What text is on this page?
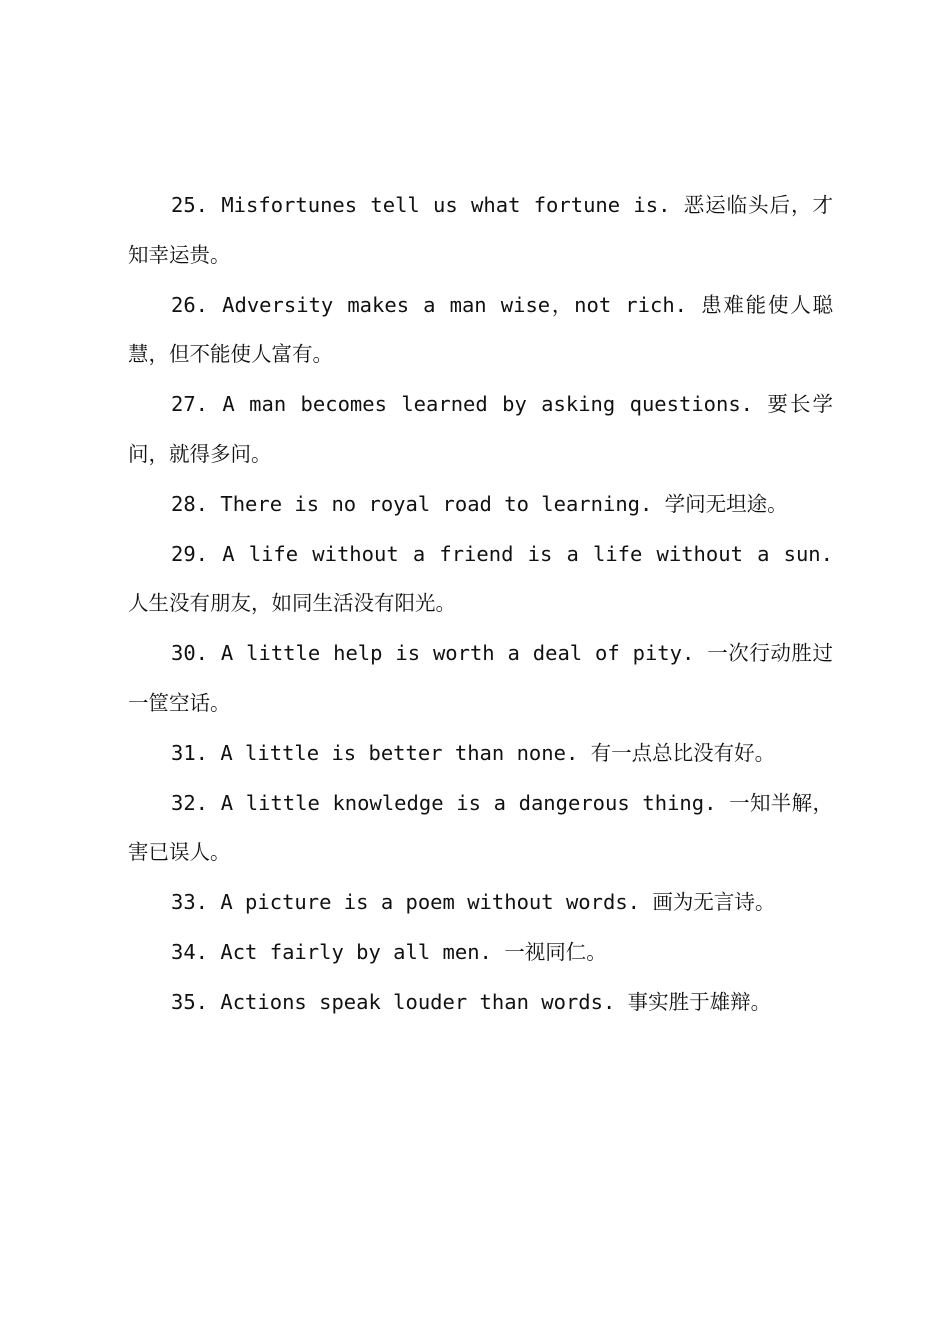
25. Misfortunes tell us what fortune is. 恶运临头后，才知幸运贵。

26. Adversity makes a man wise，not rich. 患难能使人聪慧，但不能使人富有。

27. A man becomes learned by asking questions. 要长学问，就得多问。

28. There is no royal road to learning. 学问无坦途。

29. A life without a friend is a life without a sun. 人生没有朋友，如同生活没有阳光。

30. A little help is worth a deal of pity. 一次行动胜过一筐空话。

31. A little is better than none. 有一点总比没有好。

32. A little knowledge is a dangerous thing. 一知半解，害已误人。

33. A picture is a poem without words. 画为无言诗。

34. Act fairly by all men. 一视同仁。

35. Actions speak louder than words. 事实胜于雄辩。
